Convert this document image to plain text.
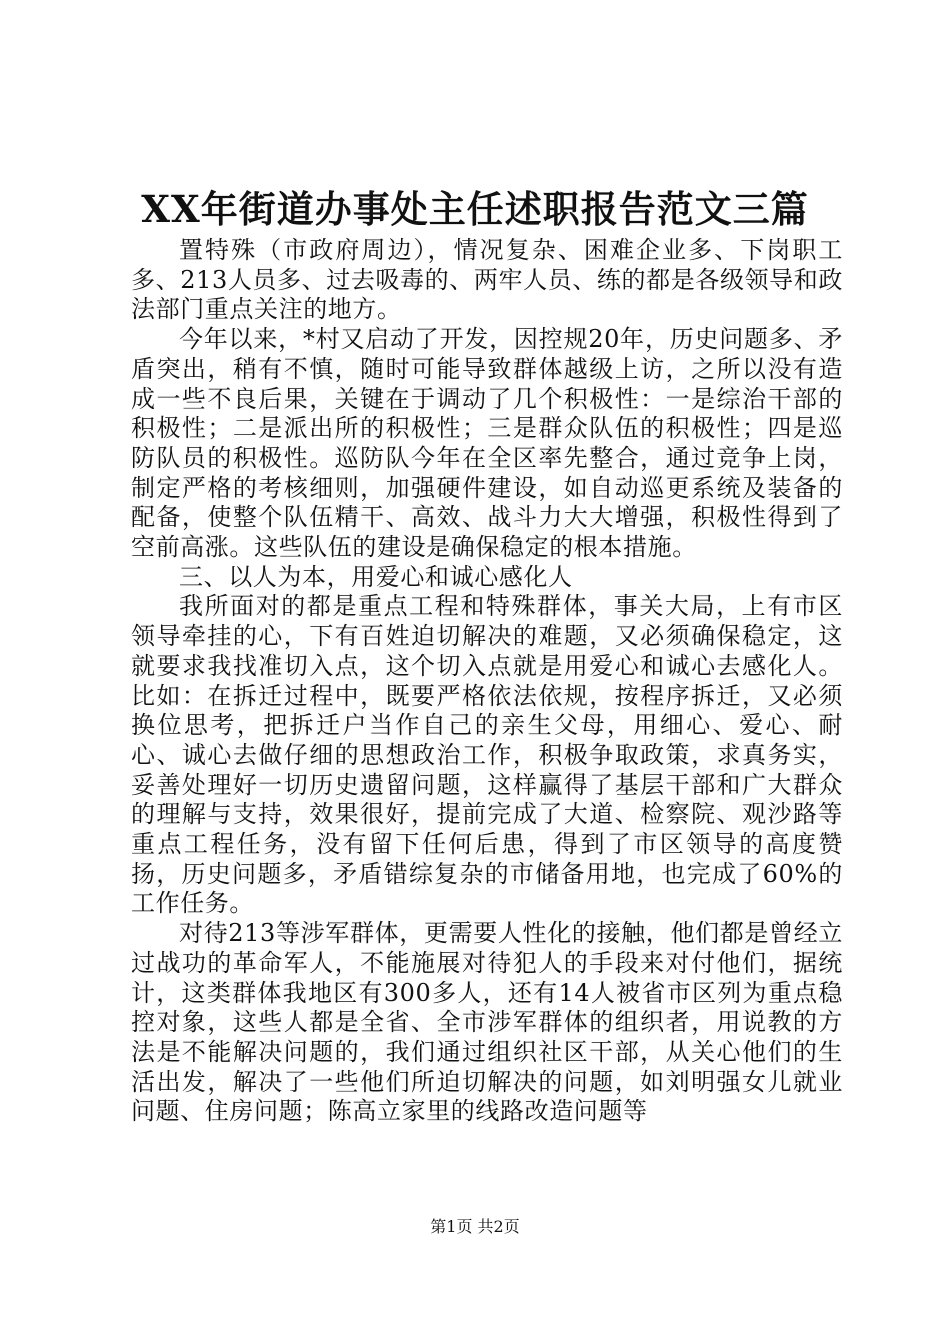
XX年街道办事处主任述职报告范文三篇

置特殊（市政府周边），情况复杂、困难企业多、下岗职工多、213人员多、过去吸毒的、两牢人员、练的都是各级领导和政法部门重点关注的地方。

今年以来，*村又启动了开发，因控规20年，历史问题多、矛盾突出，稍有不慎，随时可能导致群体越级上访，之所以没有造成一些不良后果，关键在于调动了几个积极性：一是综治干部的积极性；二是派出所的积极性；三是群众队伍的积极性；四是巡防队员的积极性。巡防队今年在全区率先整合，通过竞争上岗，制定严格的考核细则，加强硬件建设，如自动巡更系统及装备的配备，使整个队伍精干、高效、战斗力大大增强，积极性得到了空前高涨。这些队伍的建设是确保稳定的根本措施。

三、以人为本，用爱心和诚心感化人

我所面对的都是重点工程和特殊群体，事关大局，上有市区领导牵挂的心，下有百姓迫切解决的难题，又必须确保稳定，这就要求我找准切入点，这个切入点就是用爱心和诚心去感化人。比如：在拆迁过程中，既要严格依法依规，按程序拆迁，又必须换位思考，把拆迁户当作自己的亲生父母，用细心、爱心、耐心、诚心去做仔细的思想政治工作，积极争取政策，求真务实，妥善处理好一切历史遗留问题，这样赢得了基层干部和广大群众的理解与支持，效果很好，提前完成了大道、检察院、观沙路等重点工程任务，没有留下任何后患，得到了市区领导的高度赞扬，历史问题多，矛盾错综复杂的市储备用地，也完成了60%的工作任务。

对待213等涉军群体，更需要人性化的接触，他们都是曾经立过战功的革命军人，不能施展对待犯人的手段来对付他们，据统计，这类群体我地区有300多人，还有14人被省市区列为重点稳控对象，这些人都是全省、全市涉军群体的组织者，用说教的方法是不能解决问题的，我们通过组织社区干部，从关心他们的生活出发，解决了一些他们所迫切解决的问题，如刘明强女儿就业问题、住房问题；陈高立家里的线路改造问题等

第1页 共2页
